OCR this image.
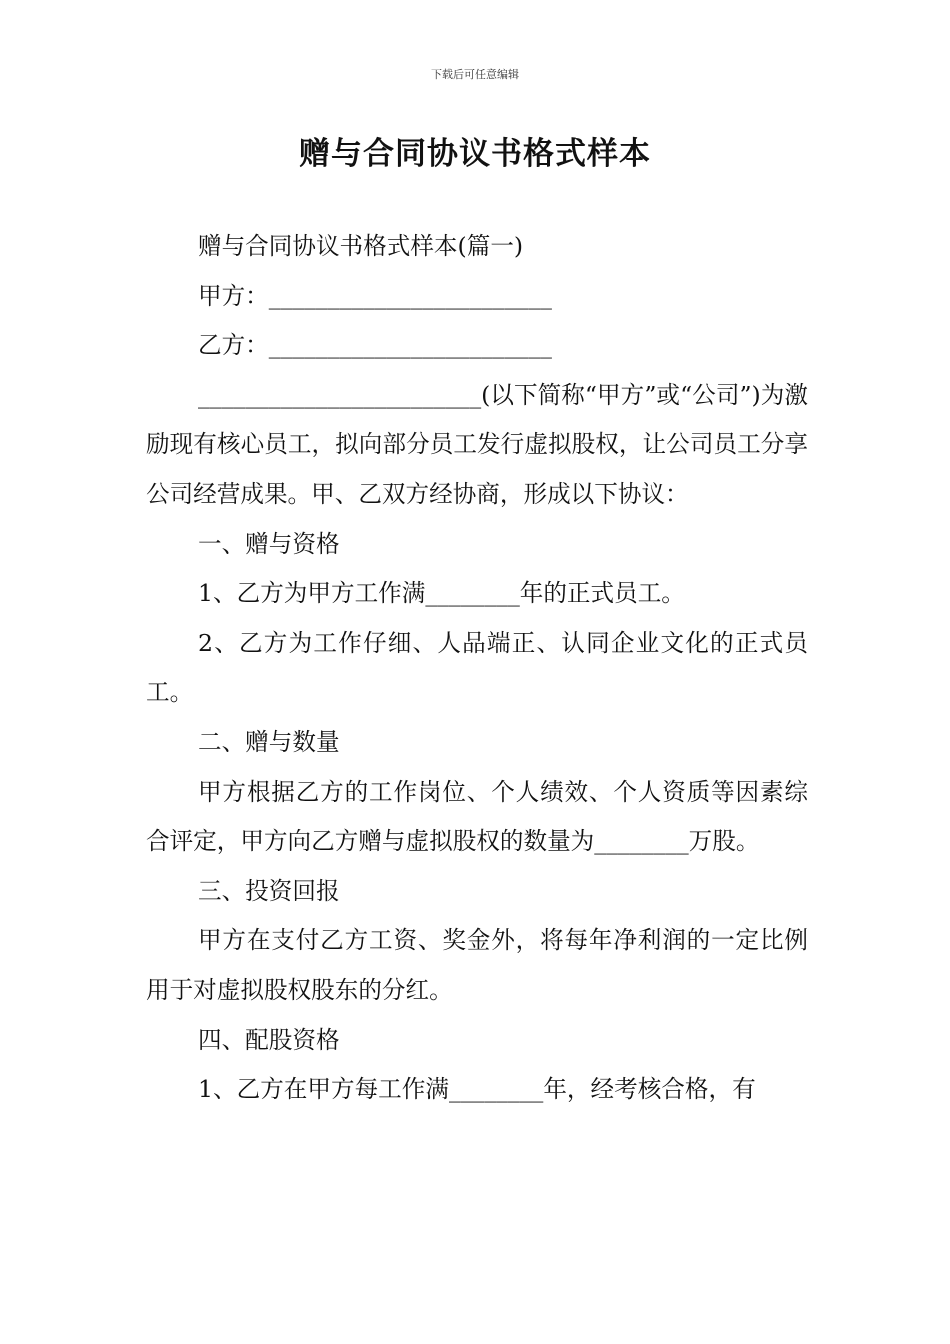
下载后可任意编辑
赠与合同协议书格式样本

赠与合同协议书格式样本(篇一)

甲方：________________________

乙方：________________________

________________________(以下简称“甲方”或“公司”)为激励现有核心员工，拟向部分员工发行虚拟股权，让公司员工分享公司经营成果。甲、乙双方经协商，形成以下协议：

一、赠与资格

1、乙方为甲方工作满________年的正式员工。

2、乙方为工作仔细、人品端正、认同企业文化的正式员工。

二、赠与数量

甲方根据乙方的工作岗位、个人绩效、个人资质等因素综合评定，甲方向乙方赠与虚拟股权的数量为________万股。

三、投资回报

甲方在支付乙方工资、奖金外，将每年净利润的一定比例用于对虚拟股权股东的分红。

四、配股资格

1、乙方在甲方每工作满________年，经考核合格，有
